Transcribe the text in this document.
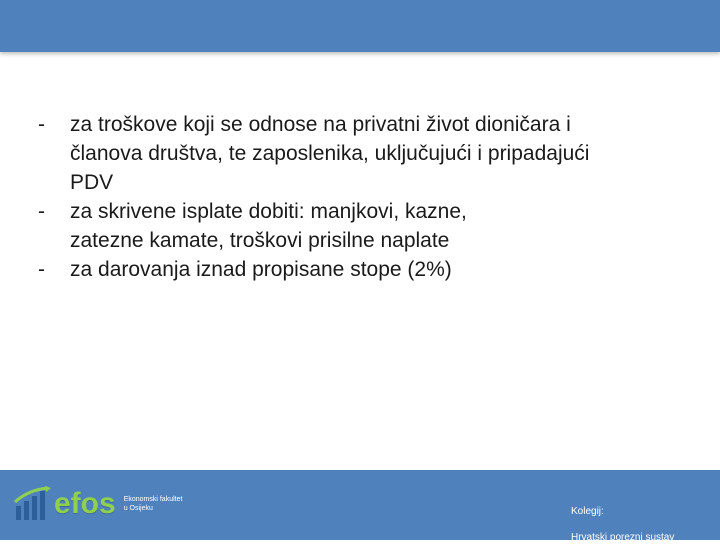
-	za troškove koji se odnose na privatni život dioničara i
članova društva, te zaposlenika, uključujući i pripadajući
PDV
-	za skrivene isplate dobiti: manjkovi, kazne,
zatezne kamate, troškovi prisilne naplate
-	za darovanja iznad propisane stope (2%)
efos Ekonomski fakultet
u Osijeku	Kolegij:

Hrvatski porezni sustav
